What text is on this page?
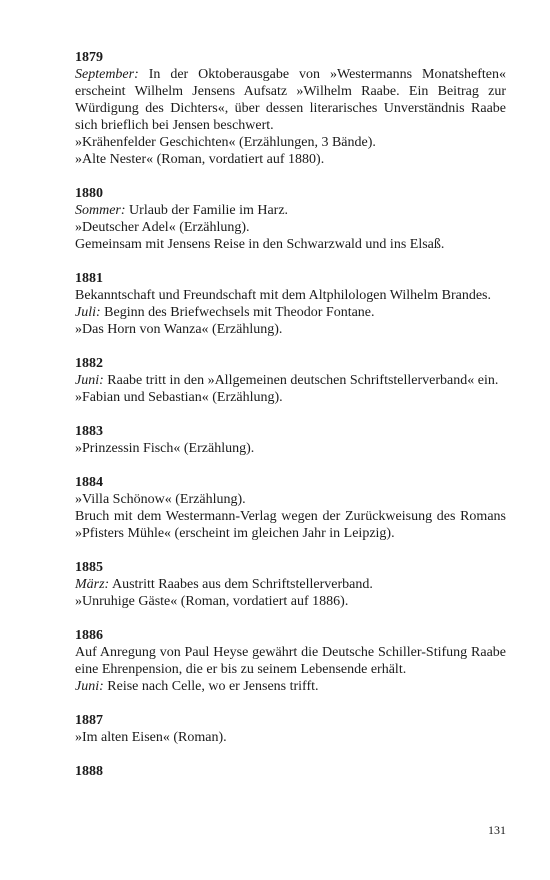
1879

September: In der Oktoberausgabe von »Westermanns Monatsheften« erscheint Wilhelm Jensens Aufsatz »Wilhelm Raabe. Ein Beitrag zur Würdigung des Dichters«, über dessen literarisches Unverständnis Raabe sich brieflich bei Jensen beschwert.

»Krähenfelder Geschichten« (Erzählungen, 3 Bände).

»Alte Nester« (Roman, vordatiert auf 1880).

1880

Sommer: Urlaub der Familie im Harz.

»Deutscher Adel« (Erzählung).

Gemeinsam mit Jensens Reise in den Schwarzwald und ins Elsaß.

1881

Bekanntschaft und Freundschaft mit dem Altphilologen Wilhelm Brandes.

Juli: Beginn des Briefwechsels mit Theodor Fontane.

»Das Horn von Wanza« (Erzählung).

1882

Juni: Raabe tritt in den »Allgemeinen deutschen Schriftstellerverband« ein.

»Fabian und Sebastian« (Erzählung).

1883

»Prinzessin Fisch« (Erzählung).

1884

»Villa Schönow« (Erzählung).

Bruch mit dem Westermann-Verlag wegen der Zurückweisung des Romans »Pfisters Mühle« (erscheint im gleichen Jahr in Leipzig).

1885

März: Austritt Raabes aus dem Schriftstellerverband.

»Unruhige Gäste« (Roman, vordatiert auf 1886).

1886

Auf Anregung von Paul Heyse gewährt die Deutsche Schiller-Stifung Raabe eine Ehrenpension, die er bis zu seinem Lebensende erhält.

Juni: Reise nach Celle, wo er Jensens trifft.

1887

»Im alten Eisen« (Roman).

1888

131
